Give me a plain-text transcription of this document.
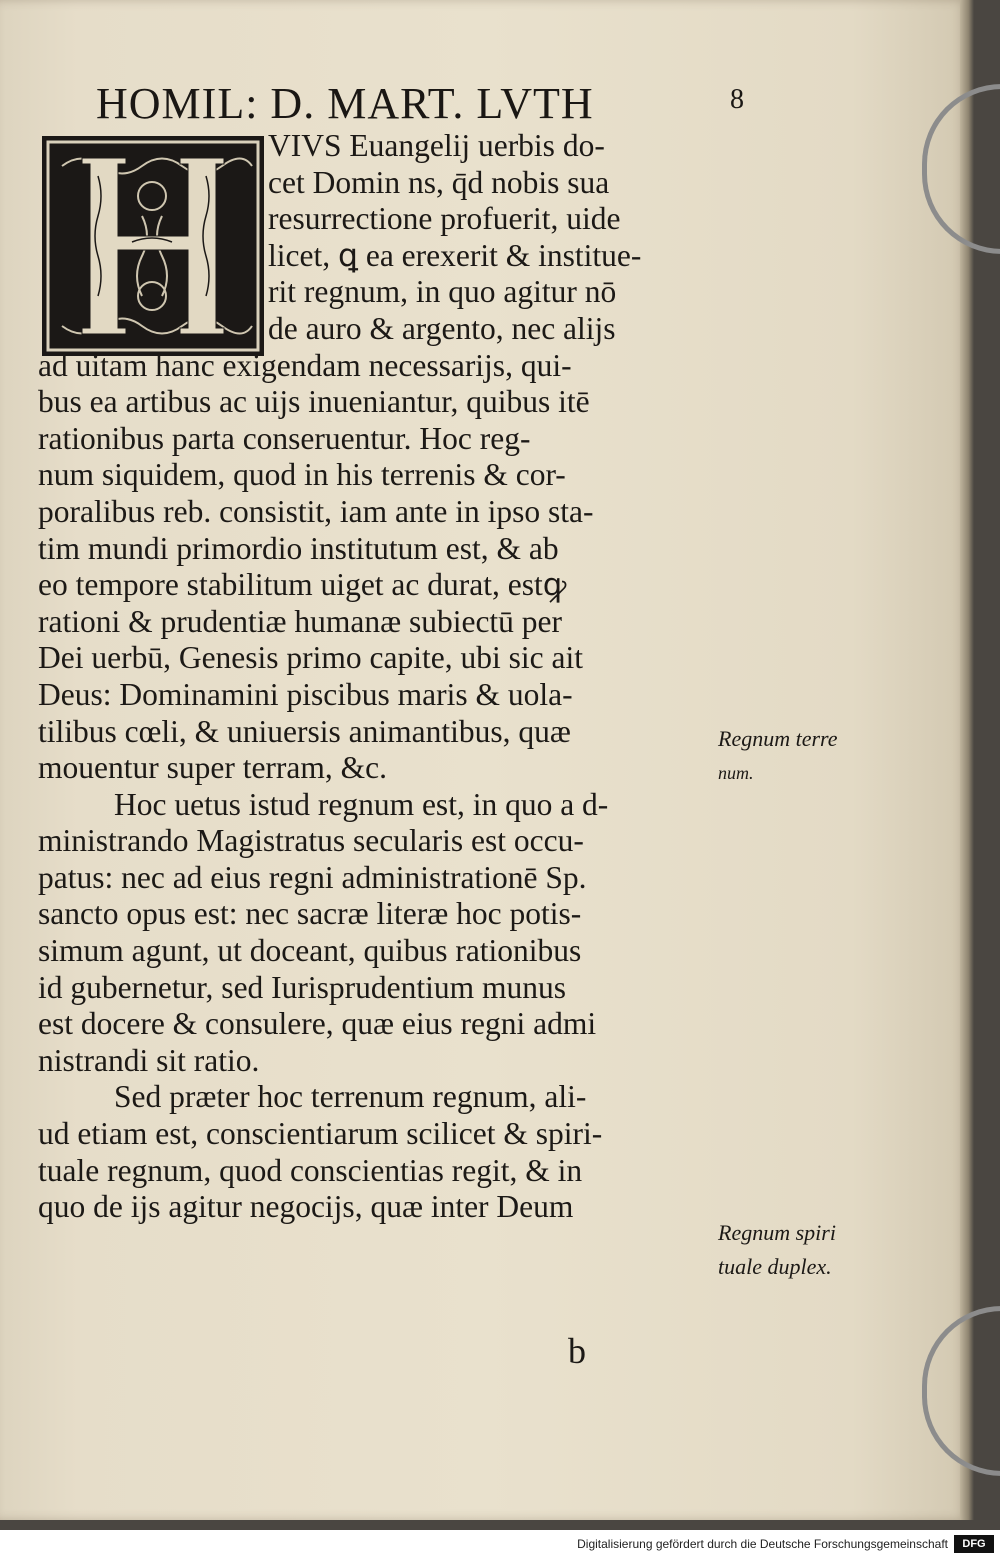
HOMIL: D. MART. LVTH	8
VIVS Euangelij uerbis do-
cet Domin ns, q̄d nobis sua
resurrectione profuerit, uide
licet, ꝗ ea erexerit & institue-
rit regnum, in quo agitur nō
de auro & argento, nec alijs
ad uitam hanc exigendam necessarijs, qui-
bus ea artibus ac uijs inueniantur, quibus itē
rationibus parta conseruentur. Hoc reg-
num siquidem, quod in his terrenis & cor-
poralibus reb. consistit, iam ante in ipso sta-
tim mundi primordio institutum est, & ab
eo tempore stabilitum uiget ac durat, estꝙ
rationi & prudentiæ humanæ subiectū per
Dei uerbū, Genesis primo capite, ubi sic ait
Deus: Dominamini piscibus maris & uola-
tilibus cœli, & uniuersis animantibus, quæ
mouentur super terram, &c.
Hoc uetus istud regnum est, in quo a d-
ministrando Magistratus secularis est occu-
patus: nec ad eius regni administrationē Sp.
sancto opus est: nec sacræ literæ hoc potis-
simum agunt, ut doceant, quibus rationibus
id gubernetur, sed Iurisprudentium munus
est docere & consulere, quæ eius regni admi
nistrandi sit ratio.
Sed præter hoc terrenum regnum, ali-
ud etiam est, conscientiarum scilicet & spiri-
tuale regnum, quod conscientias regit, & in
quo de ijs agitur negocijs, quæ inter Deum
Regnum terre
num.
Regnum spiri
tuale duplex.
b
Digitalisierung gefördert durch die Deutsche Forschungsgemeinschaft	DFG
